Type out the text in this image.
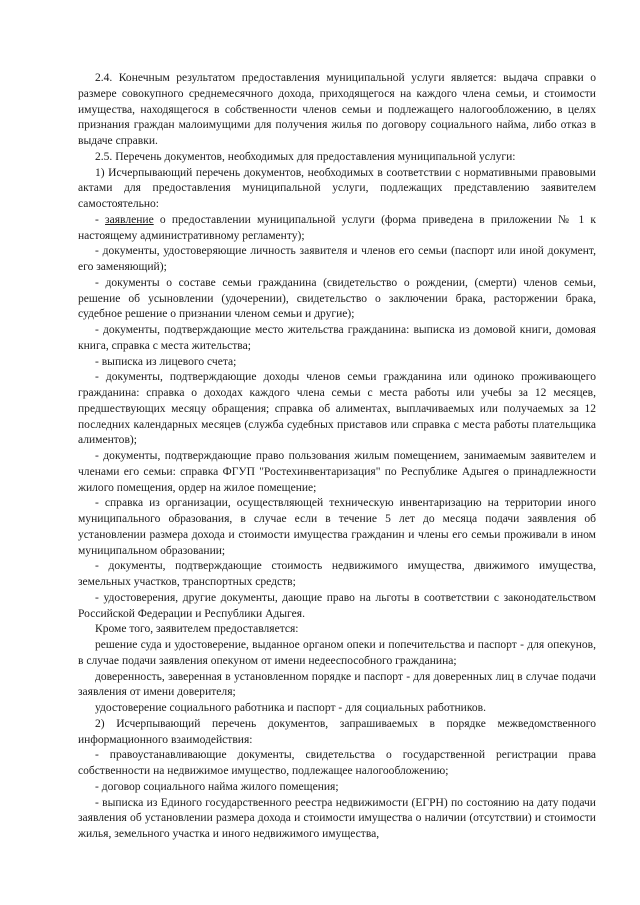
2.4. Конечным результатом предоставления муниципальной услуги является: выдача справки о размере совокупного среднемесячного дохода, приходящегося на каждого члена семьи, и стоимости имущества, находящегося в собственности членов семьи и подлежащего налогообложению, в целях признания граждан малоимущими для получения жилья по договору социального найма, либо отказ в выдаче справки.

2.5. Перечень документов, необходимых для предоставления муниципальной услуги:

1) Исчерпывающий перечень документов, необходимых в соответствии с нормативными правовыми актами для предоставления муниципальной услуги, подлежащих представлению заявителем самостоятельно:

- заявление о предоставлении муниципальной услуги (форма приведена в приложении № 1 к настоящему административному регламенту);

- документы, удостоверяющие личность заявителя и членов его семьи (паспорт или иной документ, его заменяющий);

- документы о составе семьи гражданина (свидетельство о рождении, (смерти) членов семьи, решение об усыновлении (удочерении), свидетельство о заключении брака, расторжении брака, судебное решение о признании членом семьи и другие);

- документы, подтверждающие место жительства гражданина: выписка из домовой книги, домовая книга, справка с места жительства;

- выписка из лицевого счета;

- документы, подтверждающие доходы членов семьи гражданина или одиноко проживающего гражданина: справка о доходах каждого члена семьи с места работы или учебы за 12 месяцев, предшествующих месяцу обращения; справка об алиментах, выплачиваемых или получаемых за 12 последних календарных месяцев (служба судебных приставов или справка с места работы плательщика алиментов);

- документы, подтверждающие право пользования жилым помещением, занимаемым заявителем и членами его семьи: справка ФГУП "Ростехинвентаризация" по Республике Адыгея о принадлежности жилого помещения, ордер на жилое помещение;

- справка из организации, осуществляющей техническую инвентаризацию на территории иного муниципального образования, в случае если в течение 5 лет до месяца подачи заявления об установлении размера дохода и стоимости имущества гражданин и члены его семьи проживали в ином муниципальном образовании;

- документы, подтверждающие стоимость недвижимого имущества, движимого имущества, земельных участков, транспортных средств;

- удостоверения, другие документы, дающие право на льготы в соответствии с законодательством Российской Федерации и Республики Адыгея.

Кроме того, заявителем предоставляется:

решение суда и удостоверение, выданное органом опеки и попечительства и паспорт - для опекунов, в случае подачи заявления опекуном от имени недееспособного гражданина;

доверенность, заверенная в установленном порядке и паспорт - для доверенных лиц в случае подачи заявления от имени доверителя;

удостоверение социального работника и паспорт - для социальных работников.

2) Исчерпывающий перечень документов, запрашиваемых в порядке межведомственного информационного взаимодействия:

- правоустанавливающие документы, свидетельства о государственной регистрации права собственности на недвижимое имущество, подлежащее налогообложению;

- договор социального найма жилого помещения;

- выписка из Единого государственного реестра недвижимости (ЕГРН) по состоянию на дату подачи заявления об установлении размера дохода и стоимости имущества о наличии (отсутствии) и стоимости жилья, земельного участка и иного недвижимого имущества,
